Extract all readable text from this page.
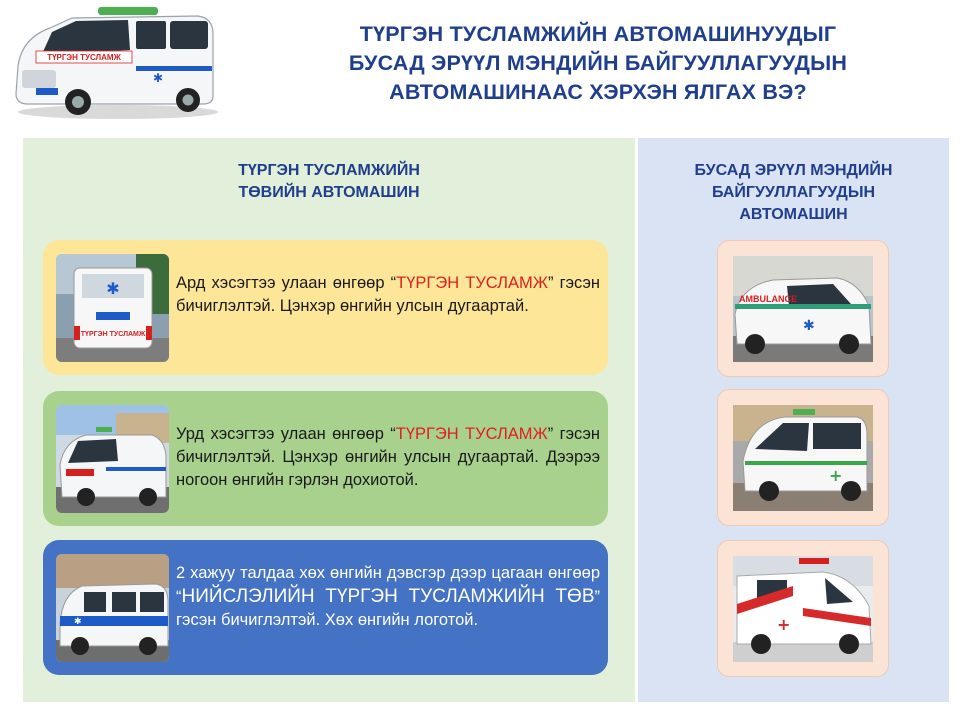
ТҮРГЭН ТУСЛАМЖИЙН АВТОМАШИНУУДЫГ
БУСАД ЭРҮҮЛ МЭНДИЙН БАЙГУУЛЛАГУУДЫН
АВТОМАШИНААС ХЭРХЭН ЯЛГАХ ВЭ?
ТҮРГЭН ТУСЛАМЖ
✱
ТҮРГЭН ТУСЛАМЖИЙН
ТӨВИЙН АВТОМАШИН
БУСАД ЭРҮҮЛ МЭНДИЙН
БАЙГУУЛЛАГУУДЫН
АВТОМАШИН
✱
ТҮРГЭН ТУСЛАМЖ
Ард хэсэгтээ улаан өнгөөр “ТҮРГЭН ТУСЛАМЖ” гэсэн бичиглэлтэй. Цэнхэр өнгийн улсын дугаартай.
Урд хэсэгтээ улаан өнгөөр “ТҮРГЭН ТУСЛАМЖ” гэсэн бичиглэлтэй. Цэнхэр өнгийн улсын дугаартай. Дээрээ ногоон өнгийн гэрлэн дохиотой.
✱
2 хажуу талдаа хөх өнгийн дэвсгэр дээр цагаан өнгөөр “НИЙСЛЭЛИЙН ТҮРГЭН ТУСЛАМЖИЙН ТӨВ” гэсэн бичиглэлтэй. Хөх өнгийн логотой.
AMBULANCE
✱
+
+
